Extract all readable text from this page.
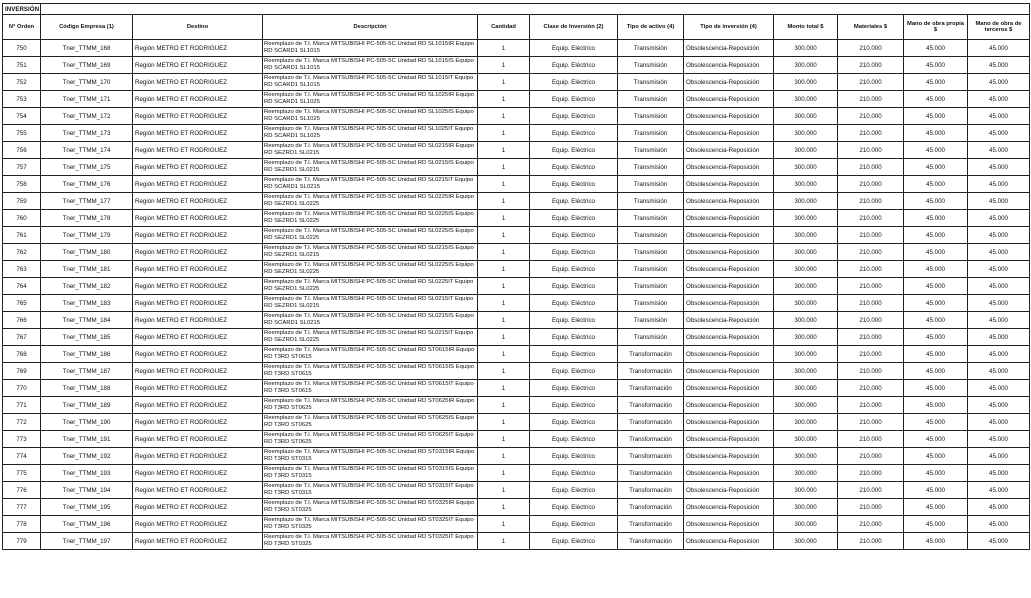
INVERSIÓN											
N° Orden	Código Empresa (1)	Destino	Descripción	Cantidad	Clase de Inversión (2)	Tipo de activo (4)	Tipo de inversión (4)	Monto total $	Materiales $	Mano de obra propia $	Mano de obra de terceros $
750	Tner_TTMM_168	Región METRO ET RODRIGUEZ	Reemplazo de T.I. Marca MITSUBISHI PC-505-5C Unidad RD SL1015IR Equipo RD SCARD1 SL1015	1	Equip. Eléctrico	Transmisión	Obsolescencia-Reposición	300.000	210.000	45.000	45.000
751	Tner_TTMM_169	Región METRO ET RODRIGUEZ	Reemplazo de T.I. Marca MITSUBISHI PC-505-5C Unidad RD SL1015IS Equipo RD SCARD1 SL1015	1	Equip. Eléctrico	Transmisión	Obsolescencia-Reposición	300.000	210.000	45.000	45.000
752	Tner_TTMM_170	Región METRO ET RODRIGUEZ	Reemplazo de T.I. Marca MITSUBISHI PC-505-5C Unidad RD SL1015IT Equipo RD SCARD1 SL1015	1	Equip. Eléctrico	Transmisión	Obsolescencia-Reposición	300.000	210.000	45.000	45.000
753	Tner_TTMM_171	Región METRO ET RODRIGUEZ	Reemplazo de T.I. Marca MITSUBISHI PC-505-5C Unidad RD SL1025IR Equipo RD SCARD1 SL1025	1	Equip. Eléctrico	Transmisión	Obsolescencia-Reposición	300.000	210.000	45.000	45.000
754	Tner_TTMM_172	Región METRO ET RODRIGUEZ	Reemplazo de T.I. Marca MITSUBISHI PC-505-5C Unidad RD SL1025IS Equipo RD SCARD1 SL1025	1	Equip. Eléctrico	Transmisión	Obsolescencia-Reposición	300.000	210.000	45.000	45.000
755	Tner_TTMM_173	Región METRO ET RODRIGUEZ	Reemplazo de T.I. Marca MITSUBISHI PC-505-5C Unidad RD SL1025IT Equipo RD SCARD1 SL1025	1	Equip. Eléctrico	Transmisión	Obsolescencia-Reposición	300.000	210.000	45.000	45.000
756	Tner_TTMM_174	Región METRO ET RODRIGUEZ	Reemplazo de T.I. Marca MITSUBISHI PC-505-5C Unidad RD SL0215IR Equipo RD SEZRD1 SL0215	1	Equip. Eléctrico	Transmisión	Obsolescencia-Reposición	300.000	210.000	45.000	45.000
757	Tner_TTMM_175	Región METRO ET RODRIGUEZ	Reemplazo de T.I. Marca MITSUBISHI PC-505-5C Unidad RD SL0215IS Equipo RD SEZRD1 SL0215	1	Equip. Eléctrico	Transmisión	Obsolescencia-Reposición	300.000	210.000	45.000	45.000
758	Tner_TTMM_176	Región METRO ET RODRIGUEZ	Reemplazo de T.I. Marca MITSUBISHI PC-505-5C Unidad RD SL0215IT Equipo RD SCARD1 SL0215	1	Equip. Eléctrico	Transmisión	Obsolescencia-Reposición	300.000	210.000	45.000	45.000
759	Tner_TTMM_177	Región METRO ET RODRIGUEZ	Reemplazo de T.I. Marca MITSUBISHI PC-505-5C Unidad RD SL0225IR Equipo RD SEZRD1 SL0225	1	Equip. Eléctrico	Transmisión	Obsolescencia-Reposición	300.000	210.000	45.000	45.000
760	Tner_TTMM_178	Región METRO ET RODRIGUEZ	Reemplazo de T.I. Marca MITSUBISHI PC-505-5C Unidad RD SL0225IS Equipo RD SEZRD1 SL0225	1	Equip. Eléctrico	Transmisión	Obsolescencia-Reposición	300.000	210.000	45.000	45.000
761	Tner_TTMM_179	Región METRO ET RODRIGUEZ	Reemplazo de T.I. Marca MITSUBISHI PC-505-5C Unidad RD SL0225IS Equipo RD SEZRD1 SL0225	1	Equip. Eléctrico	Transmisión	Obsolescencia-Reposición	300.000	210.000	45.000	45.000
762	Tner_TTMM_180	Región METRO ET RODRIGUEZ	Reemplazo de T.I. Marca MITSUBISHI PC-505-5C Unidad RD SL0215IS Equipo RD SEZRD1 SL0215	1	Equip. Eléctrico	Transmisión	Obsolescencia-Reposición	300.000	210.000	45.000	45.000
763	Tner_TTMM_181	Región METRO ET RODRIGUEZ	Reemplazo de T.I. Marca MITSUBISHI PC-505-5C Unidad RD SL0225IS Equipo RD SEZRD1 SL0225	1	Equip. Eléctrico	Transmisión	Obsolescencia-Reposición	300.000	210.000	45.000	45.000
764	Tner_TTMM_182	Región METRO ET RODRIGUEZ	Reemplazo de T.I. Marca MITSUBISHI PC-505-5C Unidad RD SL0225IT Equipo RD SEZRD1 SL0225	1	Equip. Eléctrico	Transmisión	Obsolescencia-Reposición	300.000	210.000	45.000	45.000
765	Tner_TTMM_183	Región METRO ET RODRIGUEZ	Reemplazo de T.I. Marca MITSUBISHI PC-505-5C Unidad RD SL0215IT Equipo RD SEZRD1 SL0215	1	Equip. Eléctrico	Transmisión	Obsolescencia-Reposición	300.000	210.000	45.000	45.000
766	Tner_TTMM_184	Región METRO ET RODRIGUEZ	Reemplazo de T.I. Marca MITSUBISHI PC-505-5C Unidad RD SL0215IS Equipo RD SCARD1 SL0215	1	Equip. Eléctrico	Transmisión	Obsolescencia-Reposición	300.000	210.000	45.000	45.000
767	Tner_TTMM_185	Región METRO ET RODRIGUEZ	Reemplazo de T.I. Marca MITSUBISHI PC-505-5C Unidad RD SL0215IT Equipo RD SEZRD1 SL0225	1	Equip. Eléctrico	Transmisión	Obsolescencia-Reposición	300.000	210.000	45.000	45.000
768	Tner_TTMM_186	Región METRO ET RODRIGUEZ	Reemplazo de T.I. Marca MITSUBISHI PC-505-5C Unidad RD ST0615IR Equipo RD T3RD ST0615	1	Equip. Eléctrico	Transformación	Obsolescencia-Reposición	300.000	210.000	45.000	45.000
769	Tner_TTMM_187	Región METRO ET RODRIGUEZ	Reemplazo de T.I. Marca MITSUBISHI PC-505-5C Unidad RD ST0615IS Equipo RD T3RD ST0615	1	Equip. Eléctrico	Transformación	Obsolescencia-Reposición	300.000	210.000	45.000	45.000
770	Tner_TTMM_188	Región METRO ET RODRIGUEZ	Reemplazo de T.I. Marca MITSUBISHI PC-505-5C Unidad RD ST0615IT Equipo RD T3RD ST0615	1	Equip. Eléctrico	Transformación	Obsolescencia-Reposición	300.000	210.000	45.000	45.000
771	Tner_TTMM_189	Región METRO ET RODRIGUEZ	Reemplazo de T.I. Marca MITSUBISHI PC-505-5C Unidad RD ST0625IR Equipo RD T3RD ST0625	1	Equip. Eléctrico	Transformación	Obsolescencia-Reposición	300.000	210.000	45.000	45.000
772	Tner_TTMM_190	Región METRO ET RODRIGUEZ	Reemplazo de T.I. Marca MITSUBISHI PC-505-5C Unidad RD ST0625IS Equipo RD T3RD ST0625	1	Equip. Eléctrico	Transformación	Obsolescencia-Reposición	300.000	210.000	45.000	45.000
773	Tner_TTMM_191	Región METRO ET RODRIGUEZ	Reemplazo de T.I. Marca MITSUBISHI PC-505-5C Unidad RD ST0625IT Equipo RD T3RD ST0625	1	Equip. Eléctrico	Transformación	Obsolescencia-Reposición	300.000	210.000	45.000	45.000
774	Tner_TTMM_192	Región METRO ET RODRIGUEZ	Reemplazo de T.I. Marca MITSUBISHI PC-505-5C Unidad RD ST0315IR Equipo RD T3RD ST0315	1	Equip. Eléctrico	Transformación	Obsolescencia-Reposición	300.000	210.000	45.000	45.000
775	Tner_TTMM_193	Región METRO ET RODRIGUEZ	Reemplazo de T.I. Marca MITSUBISHI PC-505-5C Unidad RD ST0315IS Equipo RD T3RD ST0315	1	Equip. Eléctrico	Transformación	Obsolescencia-Reposición	300.000	210.000	45.000	45.000
776	Tner_TTMM_194	Región METRO ET RODRIGUEZ	Reemplazo de T.I. Marca MITSUBISHI PC-505-5C Unidad RD ST0315IT Equipo RD T3RD ST0315	1	Equip. Eléctrico	Transformación	Obsolescencia-Reposición	300.000	210.000	45.000	45.000
777	Tner_TTMM_195	Región METRO ET RODRIGUEZ	Reemplazo de T.I. Marca MITSUBISHI PC-505-5C Unidad RD ST0325IR Equipo RD T3RD ST0325	1	Equip. Eléctrico	Transformación	Obsolescencia-Reposición	300.000	210.000	45.000	45.000
778	Tner_TTMM_196	Región METRO ET RODRIGUEZ	Reemplazo de T.I. Marca MITSUBISHI PC-505-5C Unidad RD ST0325IT Equipo RD T3RD ST0325	1	Equip. Eléctrico	Transformación	Obsolescencia-Reposición	300.000	210.000	45.000	45.000
779	Tner_TTMM_197	Región METRO ET RODRIGUEZ	Reemplazo de T.I. Marca MITSUBISHI PC-505-5C Unidad RD ST0325IT Equipo RD T3RD ST0325	1	Equip. Eléctrico	Transformación	Obsolescencia-Reposición	300.000	210.000	45.000	45.000
